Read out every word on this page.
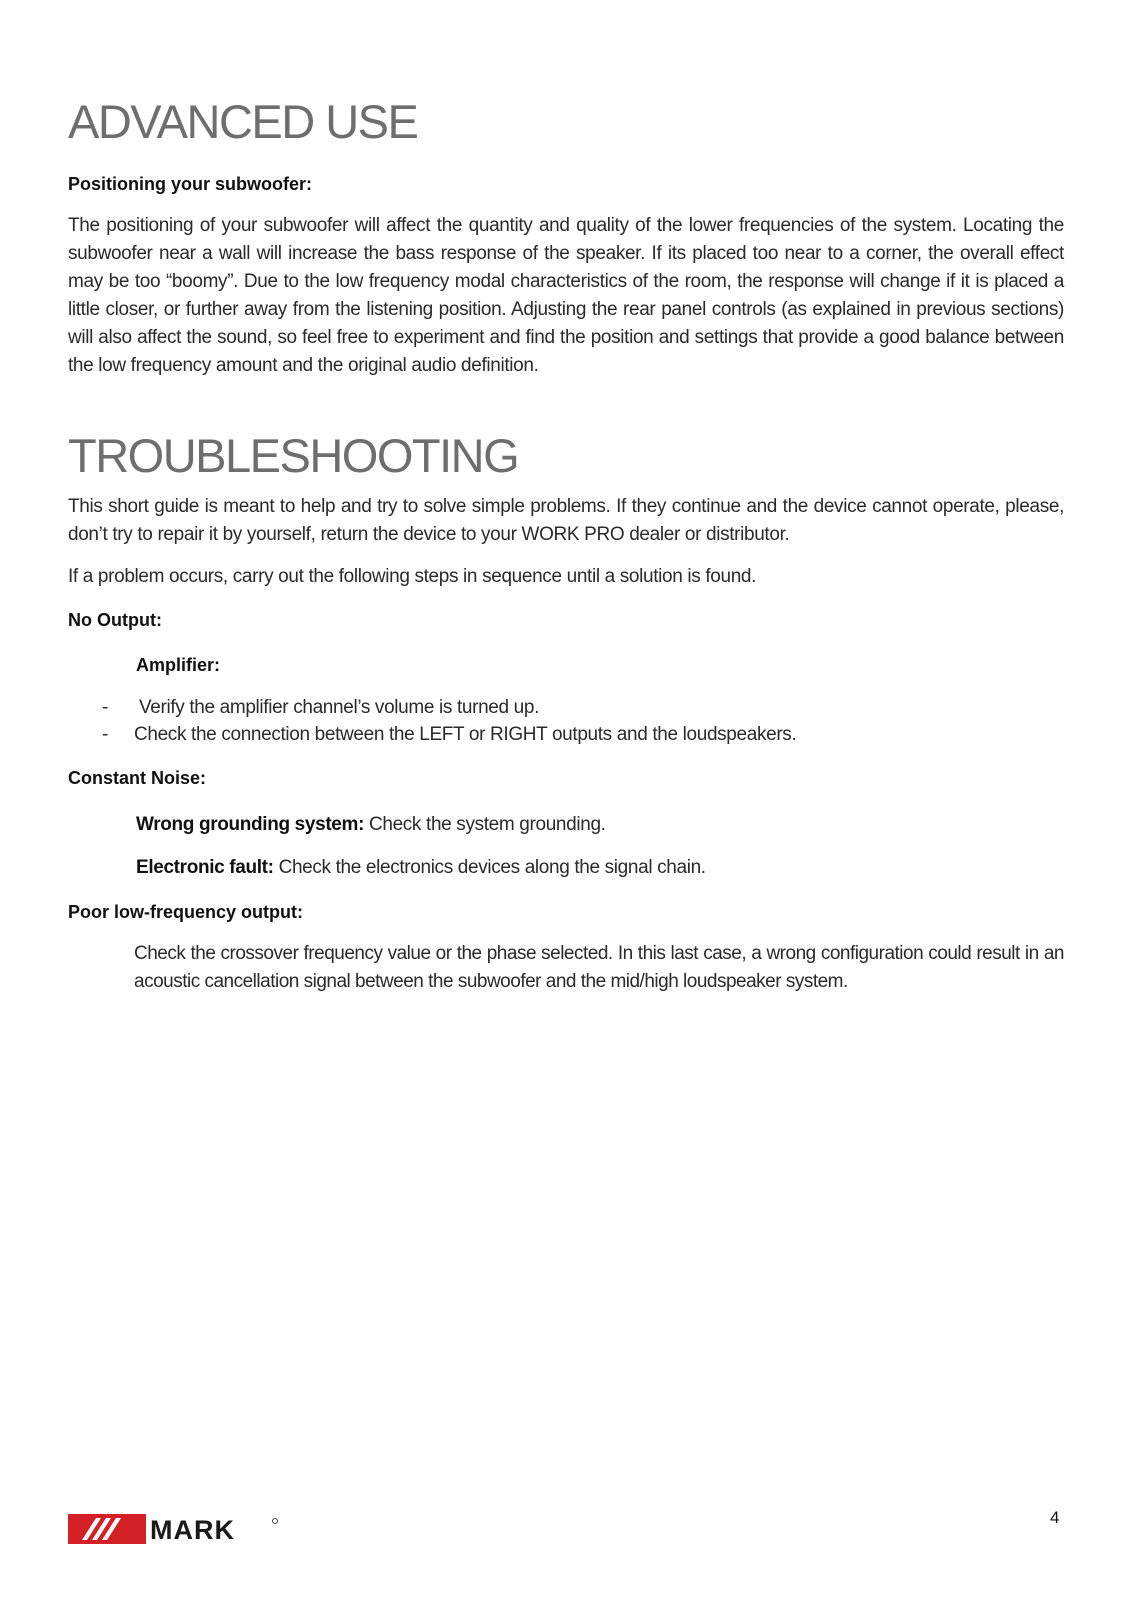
ADVANCED USE
Positioning your subwoofer:
The positioning of your subwoofer will affect the quantity and quality of the lower frequencies of the system. Locating the subwoofer near a wall will increase the bass response of the speaker. If its placed too near to a corner, the overall effect may be too “boomy”. Due to the low frequency modal characteristics of the room, the response will change if it is placed a little closer, or further away from the listening position. Adjusting the rear panel controls (as explained in previous sections) will also affect the sound, so feel free to experiment and find the position and settings that provide a good balance between the low frequency amount and the original audio definition.
TROUBLESHOOTING
This short guide is meant to help and try to solve simple problems. If they continue and the device cannot operate, please, don’t try to repair it by yourself, return the device to your WORK PRO dealer or distributor.
If a problem occurs, carry out the following steps in sequence until a solution is found.
No Output:
Amplifier:
- Verify the amplifier channel’s volume is turned up.
- Check the connection between the LEFT or RIGHT outputs and the loudspeakers.
Constant Noise:
Wrong grounding system: Check the system grounding.
Electronic fault: Check the electronics devices along the signal chain.
Poor low-frequency output:
Check the crossover frequency value or the phase selected. In this last case, a wrong configuration could result in an acoustic cancellation signal between the subwoofer and the mid/high loudspeaker system.
MARK	4
